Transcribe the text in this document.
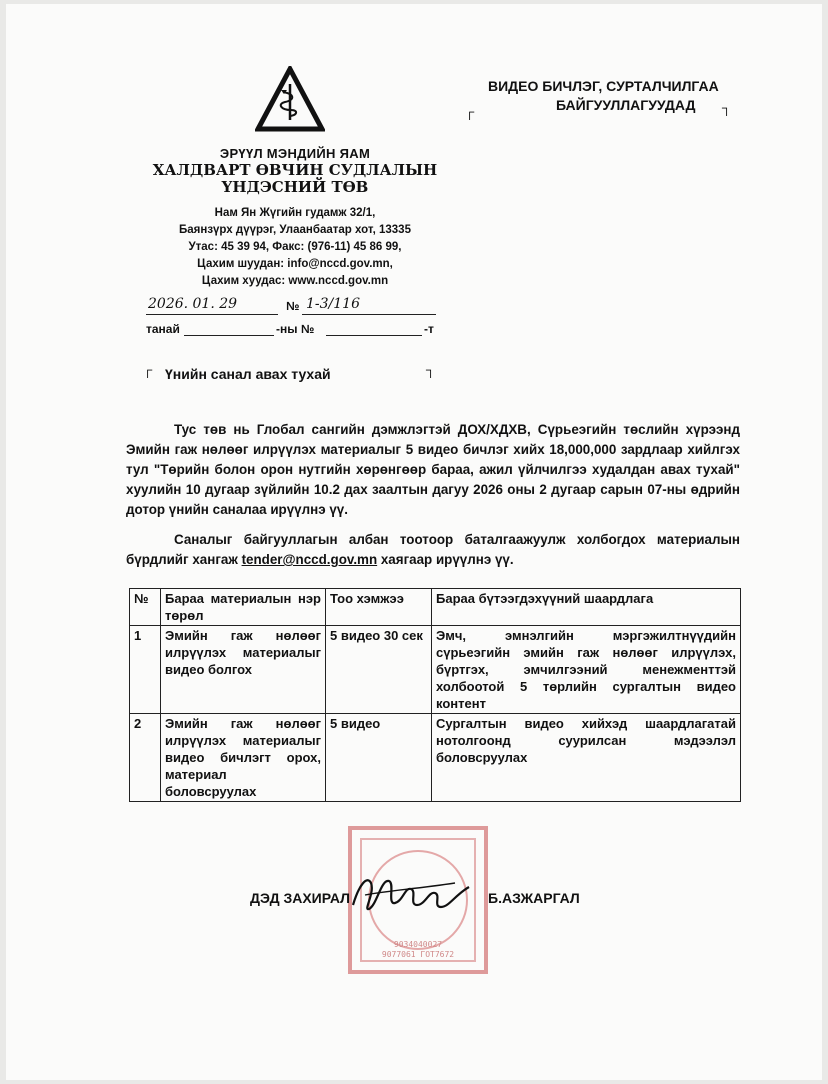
ЭРҮҮЛ МЭНДИЙН ЯАМ
ХАЛДВАРТ ӨВЧИН СУДЛАЛЫН
ҮНДЭСНИЙ ТӨВ
Нам Ян Жүгийн гудамж 32/1,
Баянзүрх дүүрэг, Улаанбаатар хот, 13335
Утас: 45 39 94, Факс: (976-11) 45 86 99,
Цахим шуудан: info@nccd.gov.mn,
Цахим хуудас: www.nccd.gov.mn
2026. 01. 29	№ 1-3/116
танай	-ны №	-т
┌
ВИДЕО БИЧЛЭГ, СУРТАЛЧИЛГАА
БАЙГУУЛЛАГУУДАД	┐
┌ Үнийн санал авах тухай	┐

Тус төв нь Глобал сангийн дэмжлэгтэй ДОХ/ХДХВ, Сүрьеэгийн төслийн хүрээнд Эмийн гаж нөлөөг илрүүлэх материалыг 5 видео бичлэг хийх 18,000,000 зардлаар хийлгэх тул "Төрийн болон орон нутгийн хөрөнгөөр бараа, ажил үйлчилгээ худалдан авах тухай" хуулийн 10 дугаар зүйлийн 10.2 дах заалтын дагуу 2026 оны 2 дугаар сарын 07-ны өдрийн дотор үнийн саналаа ирүүлнэ үү.

Саналыг байгууллагын албан тоотоор баталгаажуулж холбогдох материалын бүрдлийг хангаж tender@nccd.gov.mn хаягаар ирүүлнэ үү.

№	Бараа материалын нэр төрөл	Тоо хэмжээ	Бараа бүтээгдэхүүний шаардлага
1	Эмийн гаж нөлөөг илрүүлэх материалыг видео болгох	5 видео 30 сек	Эмч, эмнэлгийн мэргэжилтнүүдийн сүрьеэгийн эмийн гаж нөлөөг илрүүлэх, бүртгэх, эмчилгээний менежменттэй холбоотой 5 төрлийн сургалтын видео контент
2	Эмийн гаж нөлөөг илрүүлэх материалыг видео бичлэгт орох, материал боловсруулах	5 видео	Сургалтын видео хийхэд шаардлагатай нотолгоонд суурилсан мэдээлэл боловсруулах
9034040027
9077061 ГОТ7672
ДЭД ЗАХИРАЛ	Б.АЗЖАРГАЛ
